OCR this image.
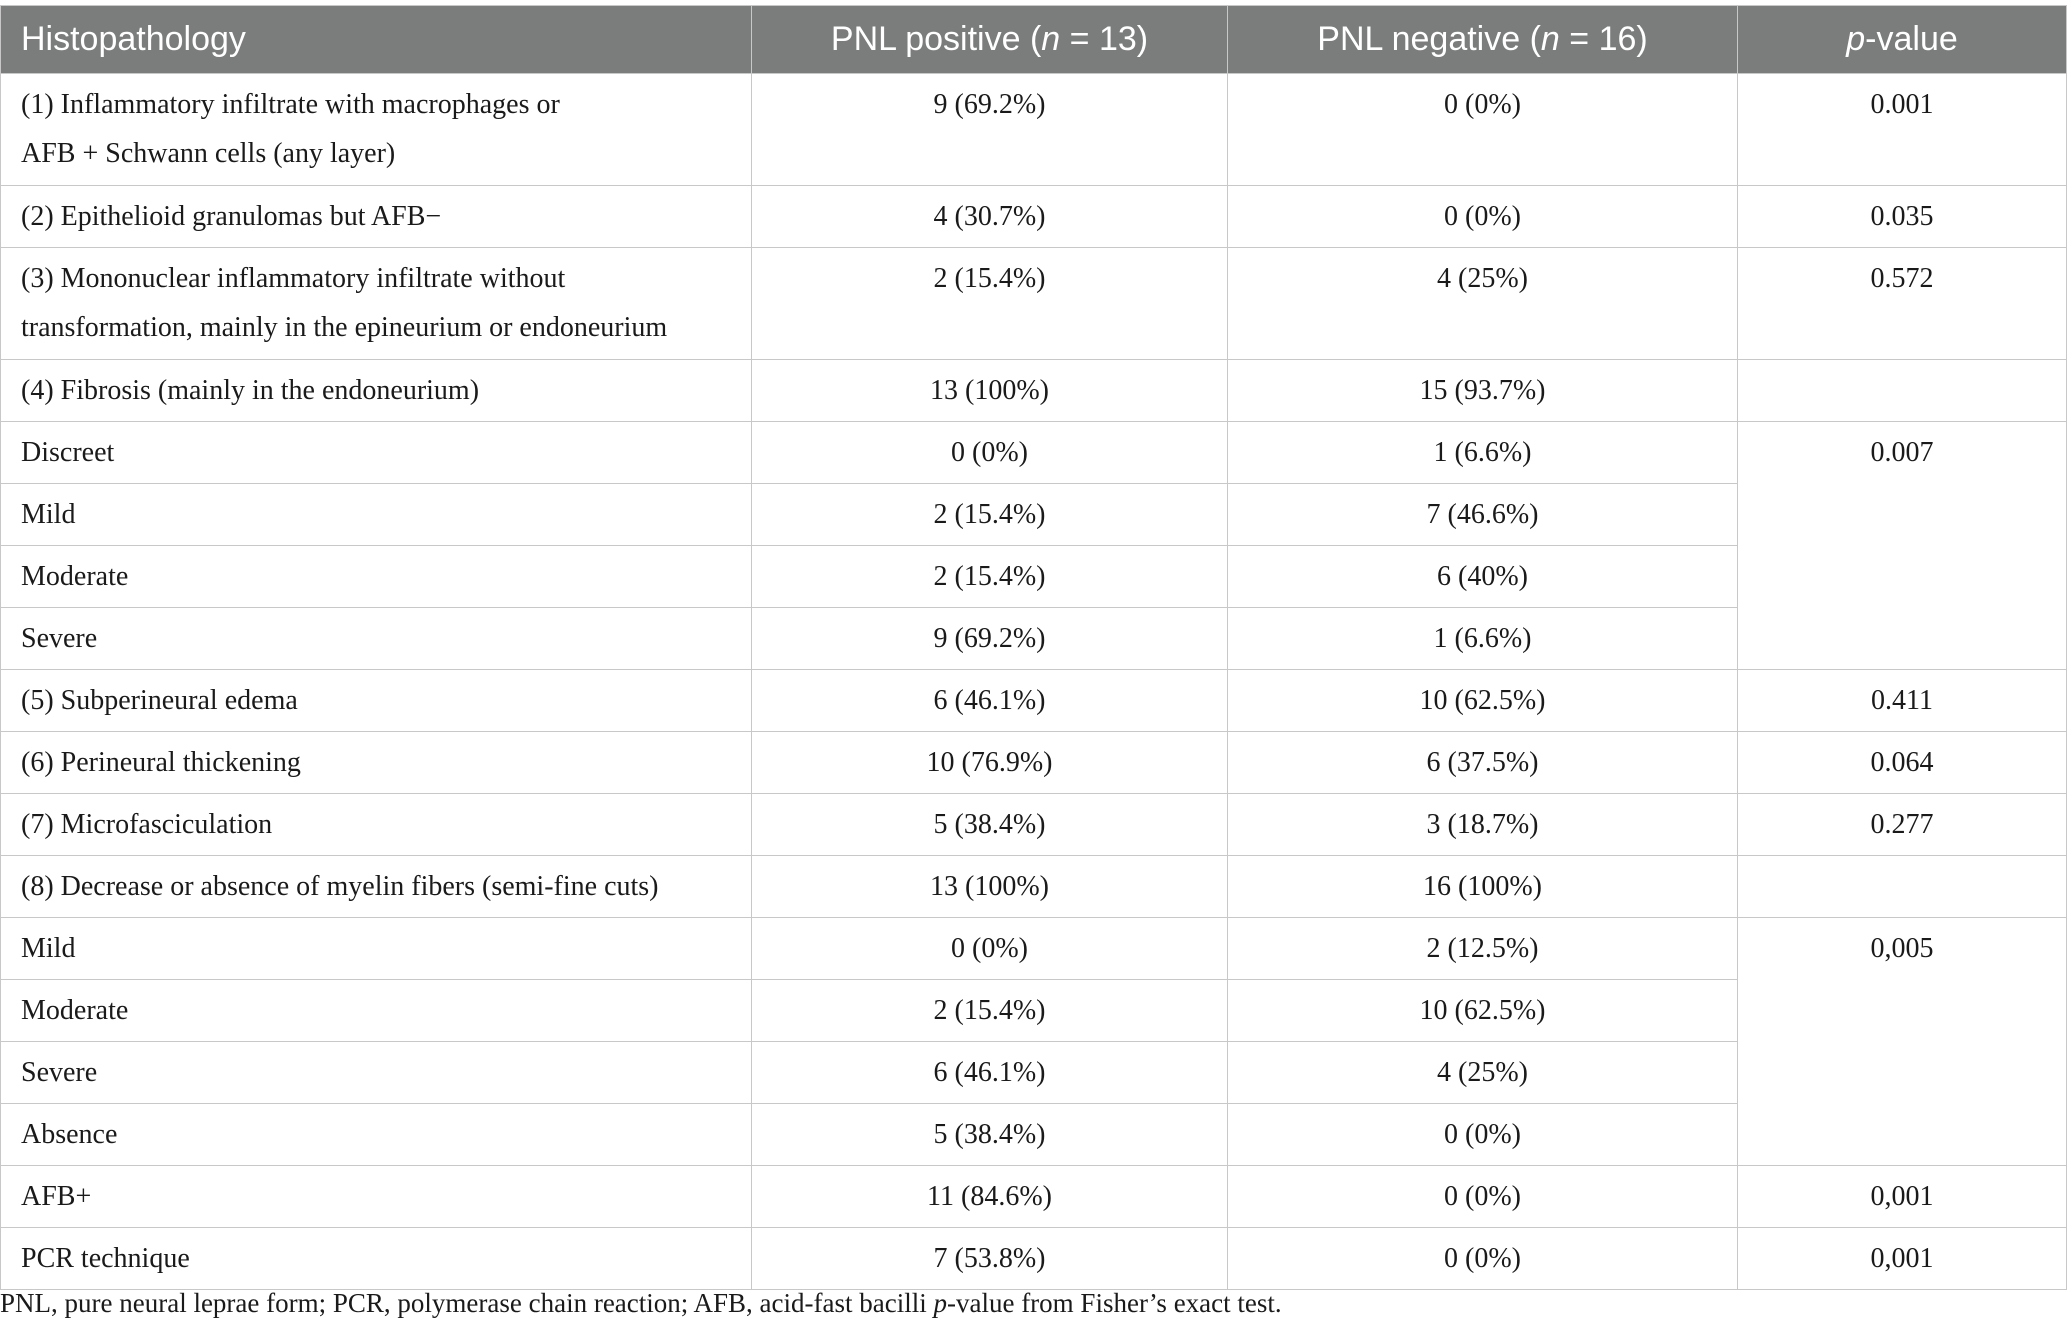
Histopathology	PNL positive (n = 13)	PNL negative (n = 16)	p-value
(1) Inflammatory infiltrate with macrophages or
AFB + Schwann cells (any layer)	9 (69.2%)	0 (0%)	0.001
(2) Epithelioid granulomas but AFB−	4 (30.7%)	0 (0%)	0.035
(3) Mononuclear inflammatory infiltrate without
transformation, mainly in the epineurium or endoneurium	2 (15.4%)	4 (25%)	0.572
(4) Fibrosis (mainly in the endoneurium)	13 (100%)	15 (93.7%)	
Discreet	0 (0%)	1 (6.6%)	0.007
Mild	2 (15.4%)	7 (46.6%)	
Moderate	2 (15.4%)	6 (40%)	
Severe	9 (69.2%)	1 (6.6%)	
(5) Subperineural edema	6 (46.1%)	10 (62.5%)	0.411
(6) Perineural thickening	10 (76.9%)	6 (37.5%)	0.064
(7) Microfasciculation	5 (38.4%)	3 (18.7%)	0.277
(8) Decrease or absence of myelin fibers (semi-fine cuts)	13 (100%)	16 (100%)	
Mild	0 (0%)	2 (12.5%)	0,005
Moderate	2 (15.4%)	10 (62.5%)	
Severe	6 (46.1%)	4 (25%)	
Absence	5 (38.4%)	0 (0%)	
AFB+	11 (84.6%)	0 (0%)	0,001
PCR technique	7 (53.8%)	0 (0%)	0,001
PNL, pure neural leprae form; PCR, polymerase chain reaction; AFB, acid-fast bacilli p-value from Fisher’s exact test.
